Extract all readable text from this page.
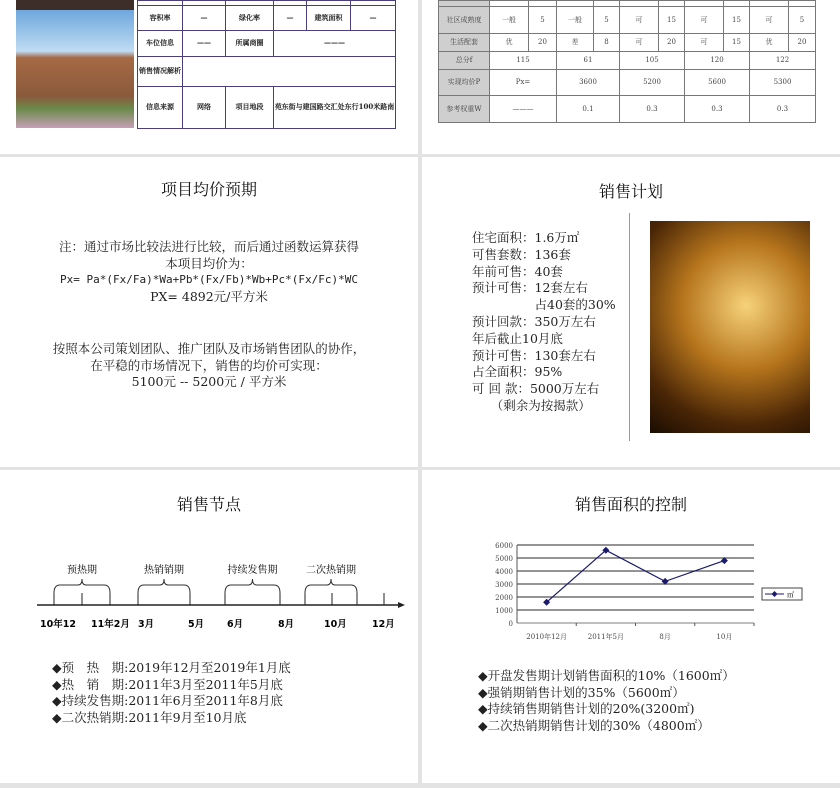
容积率	—	绿化率	—	建筑面积	—
车位信息	——	所属商圈	———		
销售情况解析					
信息来源	网络	项目地段	苑东街与建国路交汇处东行100米路南		

社区成熟度	一般	5	一般	5	可	15	可	15	可	5
生活配套	优	20	差	8	可	20	可	15	优	20
总分f	115		61		105		120		122	
实现均价P	Px=		3600		5200		5600		5300	
参考权重W	———		0.1		0.3		0.3		0.3	
项目均价预期
注：通过市场比较法进行比较，而后通过函数运算获得
本项目均价为：
Px= Pa*(Fx/Fa)*Wa+Pb*(Fx/Fb)*Wb+Pc*(Fx/Fc)*WC
PX= 4892元/平方米
按照本公司策划团队、推广团队及市场销售团队的协作，
在平稳的市场情况下，销售的均价可实现：
5100元 -- 5200元 / 平方米
销售计划
住宅面积：1.6万㎡
可售套数：136套
年前可售：40套
预计可售：12套左右
　　　　　占40套的30%
预计回款：350万左右
年后截止10月底
预计可售：130套左右
占全面积：95%
可 回 款：5000万左右
　　（剩余为按揭款）
销售节点
预热期	热销销期	持续发售期	二次热销期
10年12 11年2月 3月	5月 6月	8月	10月	12月
◆预　热　期:2019年12月至2019年1月底
◆热　销　期:2011年3月至2011年5月底
◆持续发售期:2011年6月至2011年8月底
◆二次热销期:2011年9月至10月底
销售面积的控制
0
1000
2000
3000
4000
5000
6000
2010年12月	2011年5月	8月	10月
㎡
◆开盘发售期计划销售面积的10%（1600㎡）
◆强销期销售计划的35%（5600㎡）
◆持续销售期销售计划的20%(3200㎡)
◆二次热销期销售计划的30%（4800㎡）
